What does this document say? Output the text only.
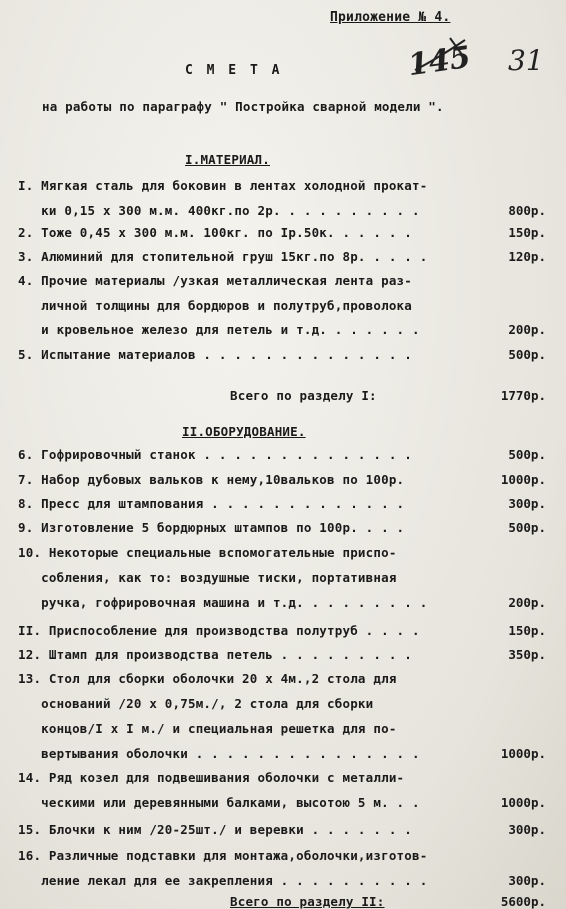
Приложение № 4.
145 31
С М Е Т А
на работы по параграфу " Постройка сварной модели ".
I.МАТЕРИАЛ.
I. Мягкая сталь для боковин в лентах холодной прокат-
ки 0,15 х 300 м.м. 400кг.по 2р. . . . . . . . . .	800р.
2. Тоже 0,45 х 300 м.м. 100кг. по Iр.50к. . . . . .	150р.
3. Алюминий для стопительной груш 15кг.по 8р. . . . .	120р.
4. Прочие материалы /узкая металлическая лента раз-
личной толщины для бордюров и полутруб,проволока
и кровельное железо для петель и т.д. . . . . . .	200р.
5. Испытание материалов . . . . . . . . . . . . . .	500р.
Всего по разделу I:	1770р.
II.ОБОРУДОВАНИЕ.
6. Гофрировочный станок . . . . . . . . . . . . . .	500р.
7. Набор дубовых вальков к нему,10вальков по 100р.	1000р.
8. Пресс для штампования . . . . . . . . . . . . .	300р.
9. Изготовление 5 бордюрных штампов по 100р. . . .	500р.
10. Некоторые специальные вспомогательные приспо-
собления, как то: воздушные тиски, портативная
ручка, гофрировочная машина и т.д. . . . . . . . .	200р.
II. Приспособление для производства полутруб . . . .	150р.
12. Штамп для производства петель . . . . . . . . .	350р.
13. Стол для сборки оболочки 20 х 4м.,2 стола для
оснований /20 х 0,75м./, 2 стола для сборки
концов/I х I м./ и специальная решетка для по-
вертывания оболочки . . . . . . . . . . . . . . .	1000р.
14. Ряд козел для подвешивания оболочки с металли-
ческими или деревянными балками, высотою 5 м. . .	1000р.
15. Блочки к ним /20-25шт./ и веревки . . . . . . .	300р.
16. Различные подставки для монтажа,оболочки,изготов-
ление лекал для ее закрепления . . . . . . . . . .	300р.
Всего по разделу II:	5600р.
